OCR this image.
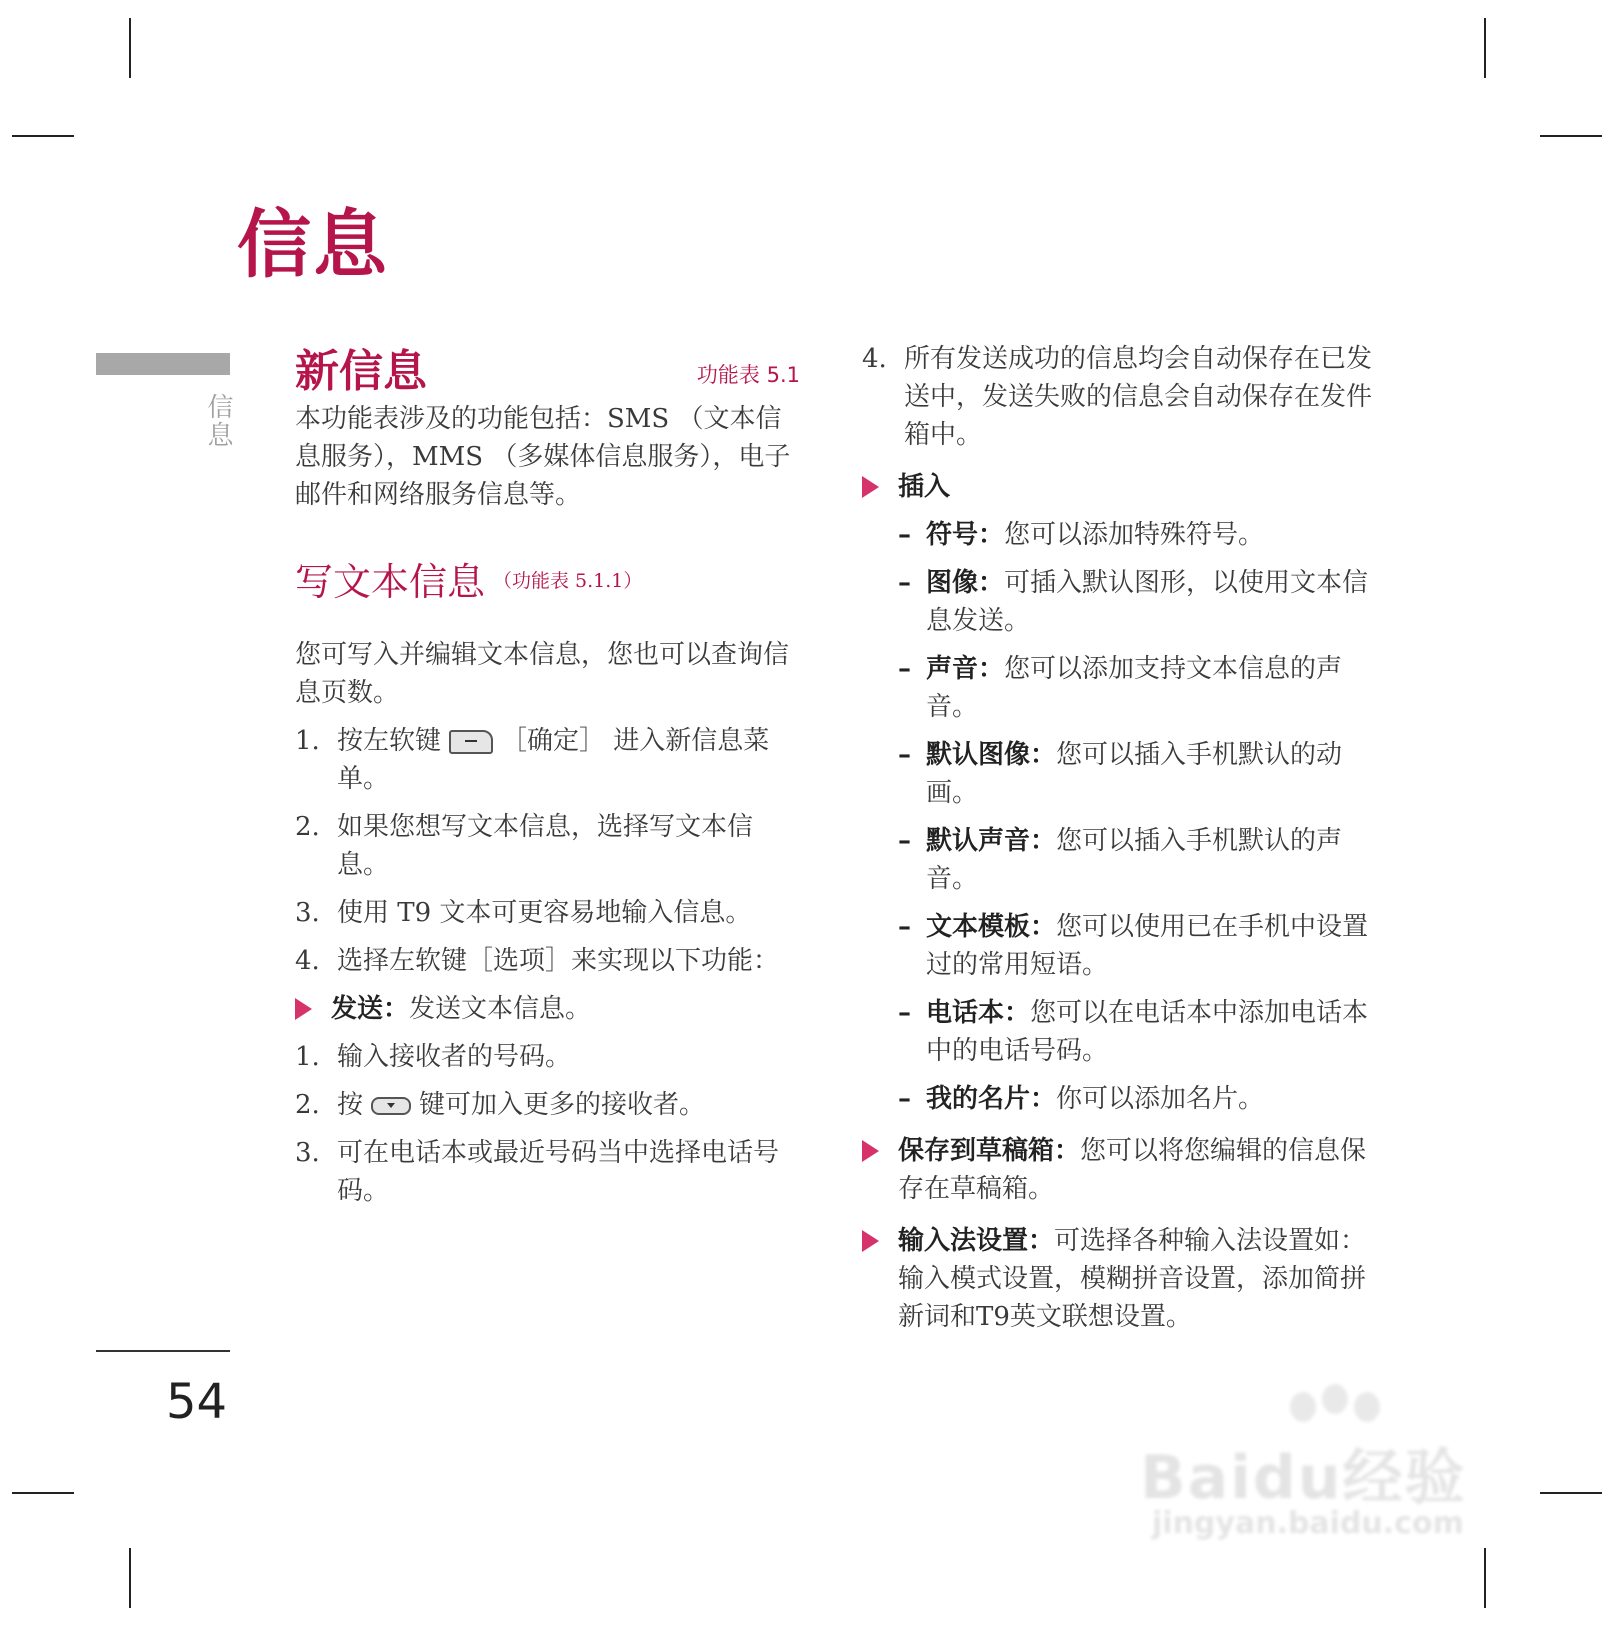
信息
信息
54
新信息	功能表 5.1

本功能表涉及的功能包括：SMS （文本信息服务），MMS （多媒体信息服务），电子邮件和网络服务信息等。

写文本信息 （功能表 5.1.1）

您可写入并编辑文本信息，您也可以查询信息页数。

1. 按左软键 ［确定］ 进入新信息菜单。
2. 如果您想写文本信息，选择写文本信息。
3. 使用 T9 文本可更容易地输入信息。
4. 选择左软键［选项］来实现以下功能：
发送：发送文本信息。
1. 输入接收者的号码。
2. 按 键可加入更多的接收者。
3. 可在电话本或最近号码当中选择电话号码。
4. 所有发送成功的信息均会自动保存在已发送中，发送失败的信息会自动保存在发件箱中。
插入
– 符号：您可以添加特殊符号。
– 图像：可插入默认图形，以使用文本信息发送。
– 声音：您可以添加支持文本信息的声音。
– 默认图像：您可以插入手机默认的动画。
– 默认声音：您可以插入手机默认的声音。
– 文本模板：您可以使用已在手机中设置过的常用短语。
– 电话本：您可以在电话本中添加电话本中的电话号码。
– 我的名片：你可以添加名片。
保存到草稿箱：您可以将您编辑的信息保存在草稿箱。
输入法设置：可选择各种输入法设置如：输入模式设置，模糊拼音设置，添加简拼新词和T9英文联想设置。
Baidu经验
jingyan.baidu.com
